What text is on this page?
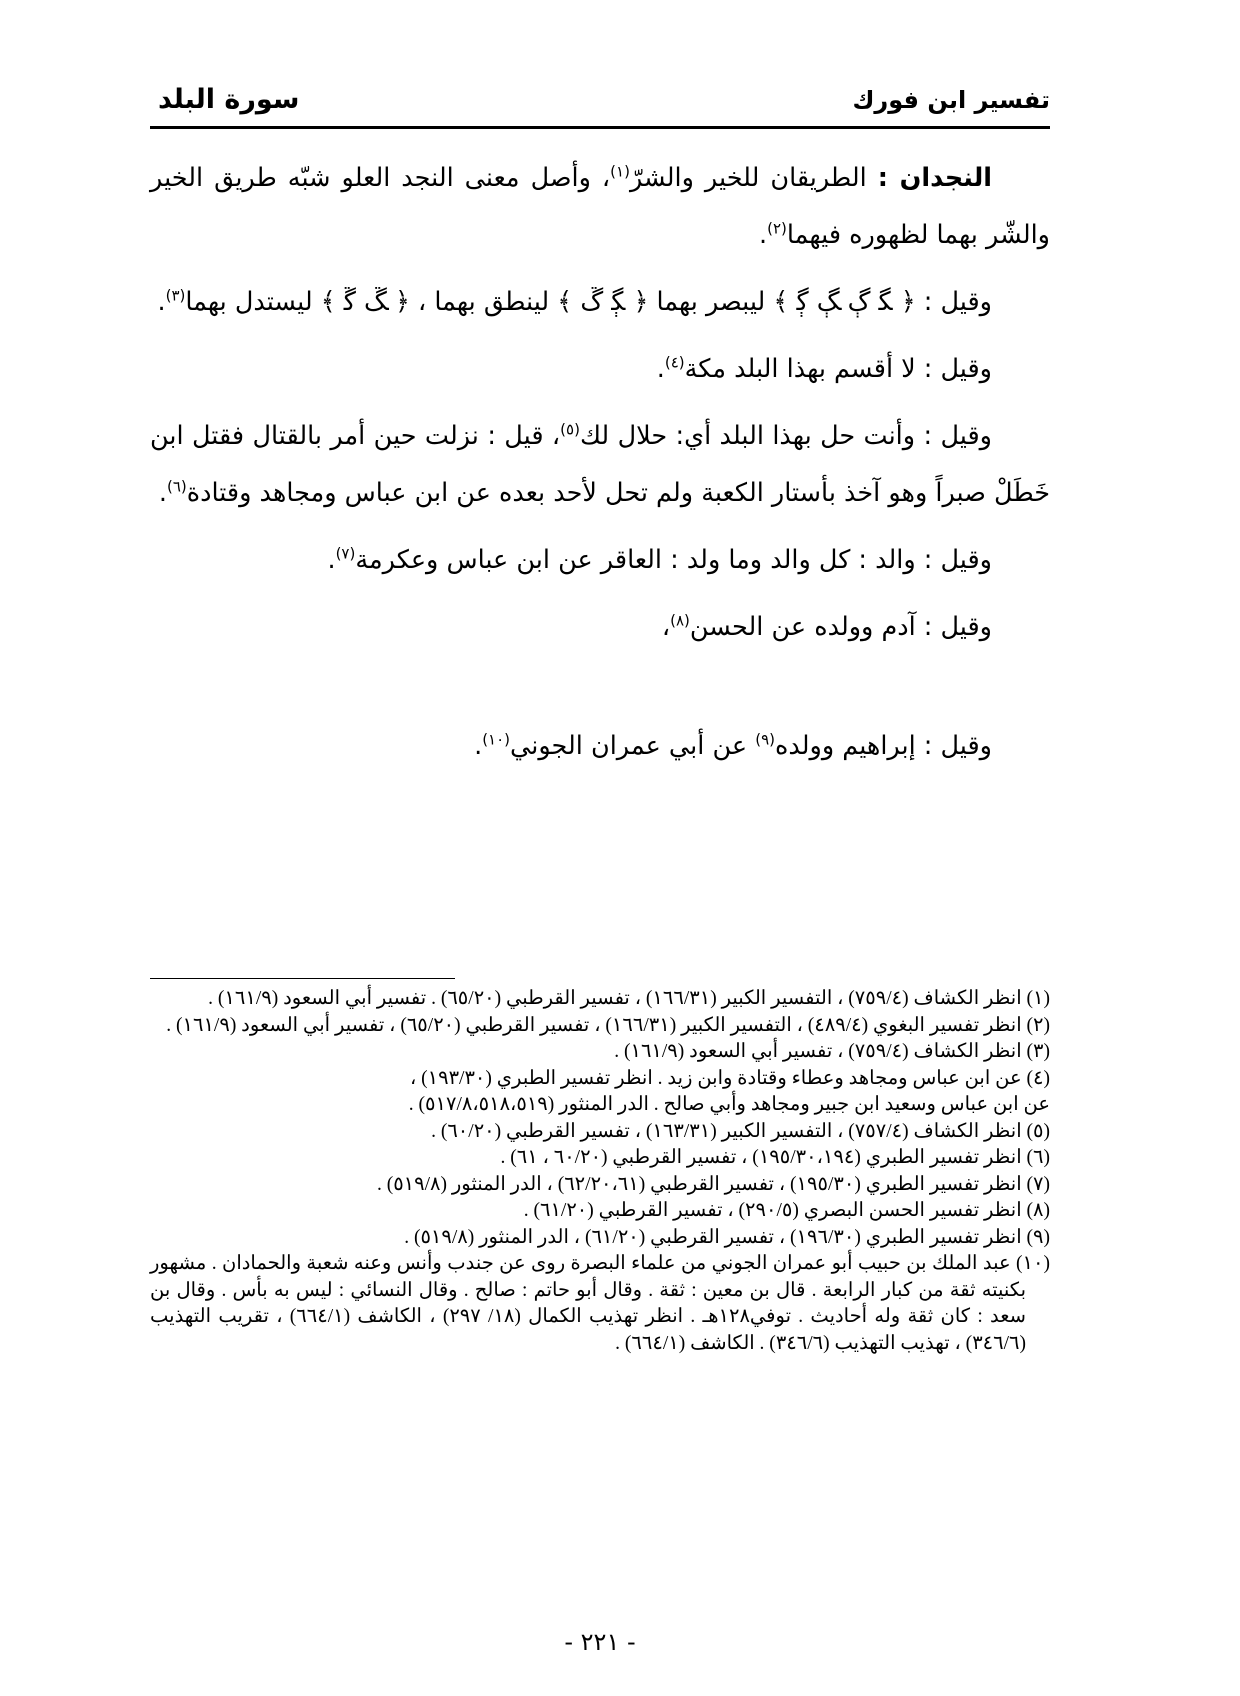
تفسير ابن فورك
سورة البلد

النجدان : الطريقان للخير والشرّ$^{(١)}$، وأصل معنى النجد العلو شبّه طريق الخير والشّر بهما لظهوره فيهما$^{(٢)}$.

وقيل : ﴿ ﮕ ﮖ ﮗ ﮘ ﴾ ليبصر بهما ﴿ ﮙ ﮚ ﴾ لينطق بهما ، ﴿ ﮛ ﮜ ﴾ ليستدل بهما$^{(٣)}$.

وقيل : لا أقسم بهذا البلد مكة$^{(٤)}$.

وقيل : وأنت حل بهذا البلد أي: حلال لك$^{(٥)}$، قيل : نزلت حين أمر بالقتال فقتل ابن خَطَلْ صبراً وهو آخذ بأستار الكعبة ولم تحل لأحد بعده عن ابن عباس ومجاهد وقتادة$^{(٦)}$.

وقيل : والد : كل والد وما ولد : العاقر عن ابن عباس وعكرمة$^{(٧)}$.

وقيل : آدم وولده عن الحسن$^{(٨)}$،

وقيل : إبراهيم وولده$^{(٩)}$ عن أبي عمران الجوني$^{(١٠)}$.

(١) انظر الكشاف (٧٥٩/٤) ، التفسير الكبير (١٦٦/٣١) ، تفسير القرطبي (٦٥/٢٠) . تفسير أبي السعود (١٦١/٩) .

(٢) انظر تفسير البغوي (٤٨٩/٤) ، التفسير الكبير (١٦٦/٣١) ، تفسير القرطبي (٦٥/٢٠) ، تفسير أبي السعود (١٦١/٩) .

(٣) انظر الكشاف (٧٥٩/٤) ، تفسير أبي السعود (١٦١/٩) .

(٤) عن ابن عباس ومجاهد وعطاء وقتادة وابن زيد . انظر تفسير الطبري (١٩٣/٣٠) ،

عن ابن عباس وسعيد ابن جبير ومجاهد وأبي صالح . الدر المنثور (٥١٧/٨،٥١٨،٥١٩) .

(٥) انظر الكشاف (٧٥٧/٤) ، التفسير الكبير (١٦٣/٣١) ، تفسير القرطبي (٦٠/٢٠) .

(٦) انظر تفسير الطبري (١٩٥/٣٠،١٩٤) ، تفسير القرطبي (٦٠/٢٠ ، ٦١) .

(٧) انظر تفسير الطبري (١٩٥/٣٠) ، تفسير القرطبي (٦٢/٢٠،٦١) ، الدر المنثور (٥١٩/٨) .

(٨) انظر تفسير الحسن البصري (٢٩٠/٥) ، تفسير القرطبي (٦١/٢٠) .

(٩) انظر تفسير الطبري (١٩٦/٣٠) ، تفسير القرطبي (٦١/٢٠) ، الدر المنثور (٥١٩/٨) .

(١٠) عبد الملك بن حبيب أبو عمران الجوني من علماء البصرة روى عن جندب وأنس وعنه شعبة والحمادان . مشهور بكنيته ثقة من كبار الرابعة . قال بن معين : ثقة . وقال أبو حاتم : صالح . وقال النسائي : ليس به بأس . وقال بن سعد : كان ثقة وله أحاديث . توفي١٢٨هـ . انظر تهذيب الكمال (١٨/ ٢٩٧) ، الكاشف (٦٦٤/١) ، تقريب التهذيب (٣٤٦/٦) ، تهذيب التهذيب (٣٤٦/٦) . الكاشف (٦٦٤/١) .

- ٢٢١ -
